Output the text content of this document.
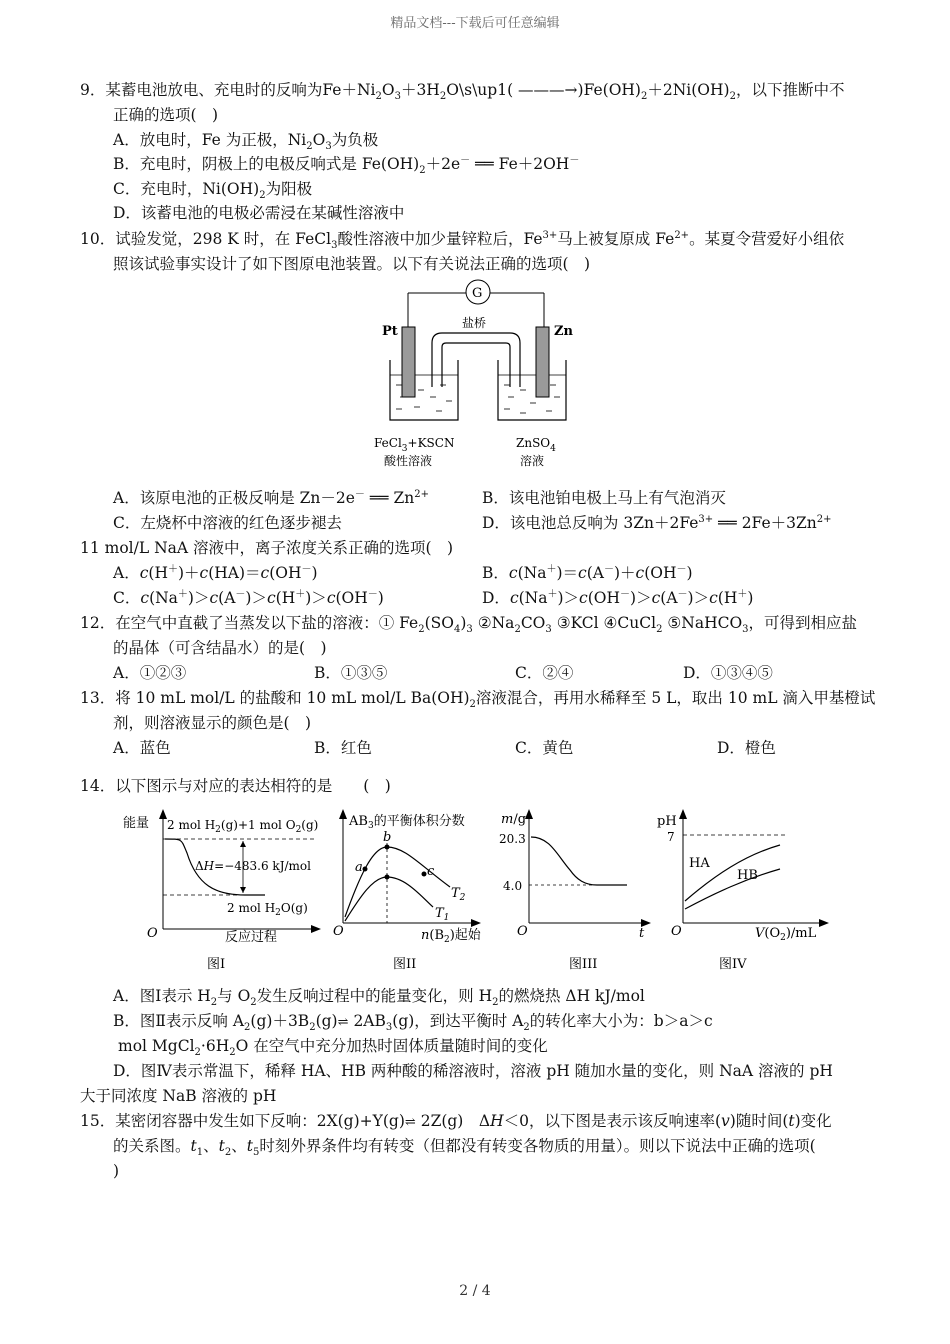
精品文档---下载后可任意编辑
9．某蓄电池放电、充电时的反响为$Fe+Ni_2O_3+3H_2O\backslash s\backslash up1$( $———\to)Fe(OH)_2+2Ni(OH)_2$，以下推断中不
正确的选项(　)
A．放电时，Fe 为正极，$Ni_2O_3$为负极
B．充电时，阴极上的电极反响式是 $Fe(OH)_2+2e^-$ ══ Fe＋2OH－
C．充电时，$Ni(OH)_2$为阳极
D．该蓄电池的电极必需浸在某碱性溶液中
10．试验发觉，298 K 时，在 FeCl$_3$酸性溶液中加少量锌粒后，$Fe^{3+}$马上被复原成 $Fe^{2+}$。某夏令营爱好小组依
照该试验事实设计了如下图原电池装置。以下有关说法正确的选项(　)
A．该原电池的正极反响是 Zn－2e－ ══ $Zn^{2+}$	B．该电池铂电极上马上有气泡消灭
C．左烧杯中溶液的红色逐步褪去	D．该电池总反响为 $3Zn+2Fe^{3+}$ ══ $2Fe+3Zn^{2+}$
11 mol/L NaA 溶液中，离子浓度关系正确的选项(　)
A．c(H＋)＋c(HA)＝c(OH－)	B．c(Na＋)＝c(A－)＋c(OH－)
C．c(Na＋)＞c(A－)＞c(H＋)＞c(OH－)	D．c(Na＋)＞c(OH－)＞c(A－)＞c(H＋)
12．在空气中直截了当蒸发以下盐的溶液：① $Fe_2(SO_4)_3$ $②Na_2CO_3$ ③KCl ④CuCl$_2$ ⑤NaHCO$_3$，可得到相应盐
的晶体（可含结晶水）的是(　)
A．①②③	B．①③⑤	C．②④	D．①③④⑤
13．将 10 mL mol/L 的盐酸和 10 mL mol/L $Ba(OH)_2$溶液混合，再用水稀释至 5 L，取出 10 mL 滴入甲基橙试
剂，则溶液显示的颜色是(　)
A．蓝色	B．红色	C．黄色	D．橙色
14．以下图示与对应的表达相符的是　　(　)
A．图Ⅰ表示 $H_2$与 $O_2$发生反响过程中的能量变化，则 $H_2$的燃烧热 ΔH kJ/mol
B．图Ⅱ表示反响 $A_2(g)+3B_2(g)\rightleftharpoons$ $2AB_3(g)$，到达平衡时 $A_2$的转化率大小为：b＞a＞c
mol $MgCl_2\cdot 6H_2O$ 在空气中充分加热时固体质量随时间的变化
D．图Ⅳ表示常温下，稀释 HA、HB 两种酸的稀溶液时，溶液 pH 随加水量的变化，则 NaA 溶液的 pH
大于同浓度 NaB 溶液的 pH
15．某密闭容器中发生如下反响：2X(g)+Y(g)⇌ 2Z(g)　ΔH＜0，以下图是表示该反响速率(v)随时间(t)变化
的关系图。$t_1$、$t_2$、$t_5$时刻外界条件均有转变（但都没有转变各物质的用量）。则以下说法中正确的选项(
)
G
盐桥
Pt	Zn
FeCl$_3$+KSCN
酸性溶液
ZnSO$_4$
溶液
能量 2 mol $H_2(g)+1$ mol $O_2(g)$
ΔH=−483.6 kJ/mol
2 mol $H_2O(g)$
O	反应过程
图I
$AB_3$的平衡体积分数
a
b
c
$T_2$
$T_1$
O	$n(B_2)$起始
图II
m/g
20.3
4.0
O	t
图III
pH
7
HA
HB
O	$V(O_2)/mL$
图IV
2 / 4
